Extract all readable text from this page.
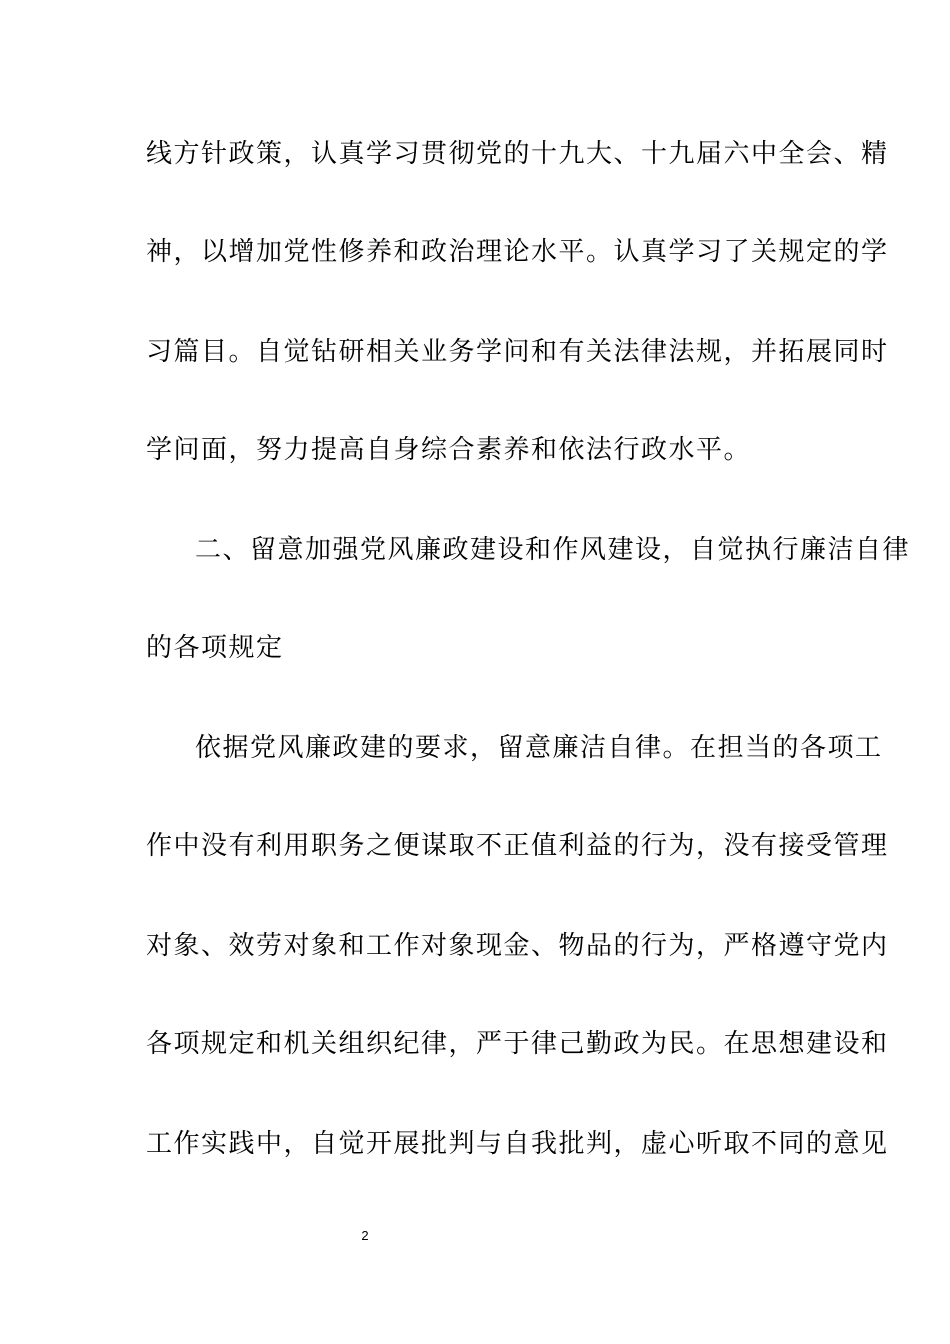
线方针政策，认真学习贯彻党的十九大、十九届六中全会、精
神，以增加党性修养和政治理论水平。认真学习了关规定的学
习篇目。自觉钻研相关业务学问和有关法律法规，并拓展同时
学问面，努力提高自身综合素养和依法行政水平。
二、留意加强党风廉政建设和作风建设，自觉执行廉洁自律
的各项规定
依据党风廉政建的要求，留意廉洁自律。在担当的各项工
作中没有利用职务之便谋取不正值利益的行为，没有接受管理
对象、效劳对象和工作对象现金、物品的行为，严格遵守党内
各项规定和机关组织纪律，严于律己勤政为民。在思想建设和
工作实践中，自觉开展批判与自我批判，虚心听取不同的意见
2
